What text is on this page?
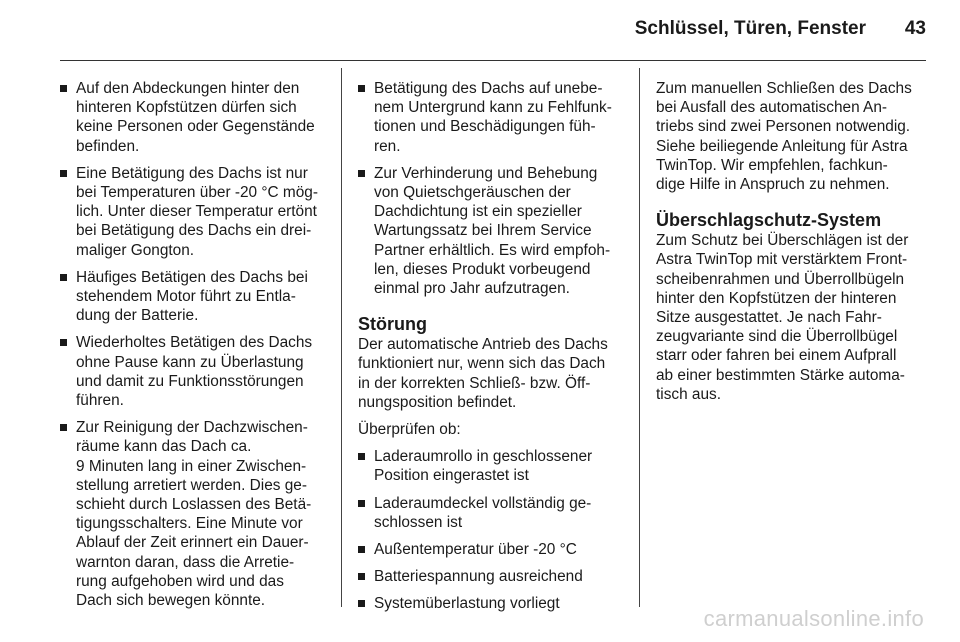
Schlüssel, Türen, Fenster 43
Auf den Abdeckungen hinter den
hinteren Kopfstützen dürfen sich
keine Personen oder Gegenstände
befinden.
Eine Betätigung des Dachs ist nur
bei Temperaturen über -20 °C mög-
lich. Unter dieser Temperatur ertönt
bei Betätigung des Dachs ein drei-
maliger Gongton.
Häufiges Betätigen des Dachs bei
stehendem Motor führt zu Entla-
dung der Batterie.
Wiederholtes Betätigen des Dachs
ohne Pause kann zu Überlastung
und damit zu Funktionsstörungen
führen.
Zur Reinigung der Dachzwischen-
räume kann das Dach ca.
9 Minuten lang in einer Zwischen-
stellung arretiert werden. Dies ge-
schieht durch Loslassen des Betä-
tigungsschalters. Eine Minute vor
Ablauf der Zeit erinnert ein Dauer-
warnton daran, dass die Arretie-
rung aufgehoben wird und das
Dach sich bewegen könnte.
Betätigung des Dachs auf unebe-
nem Untergrund kann zu Fehlfunk-
tionen und Beschädigungen füh-
ren.
Zur Verhinderung und Behebung
von Quietschgeräuschen der
Dachdichtung ist ein spezieller
Wartungssatz bei Ihrem Service
Partner erhältlich. Es wird empfoh-
len, dieses Produkt vorbeugend
einmal pro Jahr aufzutragen.
Störung

Der automatische Antrieb des Dachs
funktioniert nur, wenn sich das Dach
in der korrekten Schließ- bzw. Öff-
nungsposition befindet.

Überprüfen ob:

Laderaumrollo in geschlossener
Position eingerastet ist
Laderaumdeckel vollständig ge-
schlossen ist
Außentemperatur über -20 °C
Batteriespannung ausreichend
Systemüberlastung vorliegt

Zum manuellen Schließen des Dachs
bei Ausfall des automatischen An-
triebs sind zwei Personen notwendig.
Siehe beiliegende Anleitung für Astra
TwinTop. Wir empfehlen, fachkun-
dige Hilfe in Anspruch zu nehmen.

Überschlagschutz-System

Zum Schutz bei Überschlägen ist der
Astra TwinTop mit verstärktem Front-
scheibenrahmen und Überrollbügeln
hinter den Kopfstützen der hinteren
Sitze ausgestattet. Je nach Fahr-
zeugvariante sind die Überrollbügel
starr oder fahren bei einem Aufprall
ab einer bestimmten Stärke automa-
tisch aus.

carmanualsonline.info
